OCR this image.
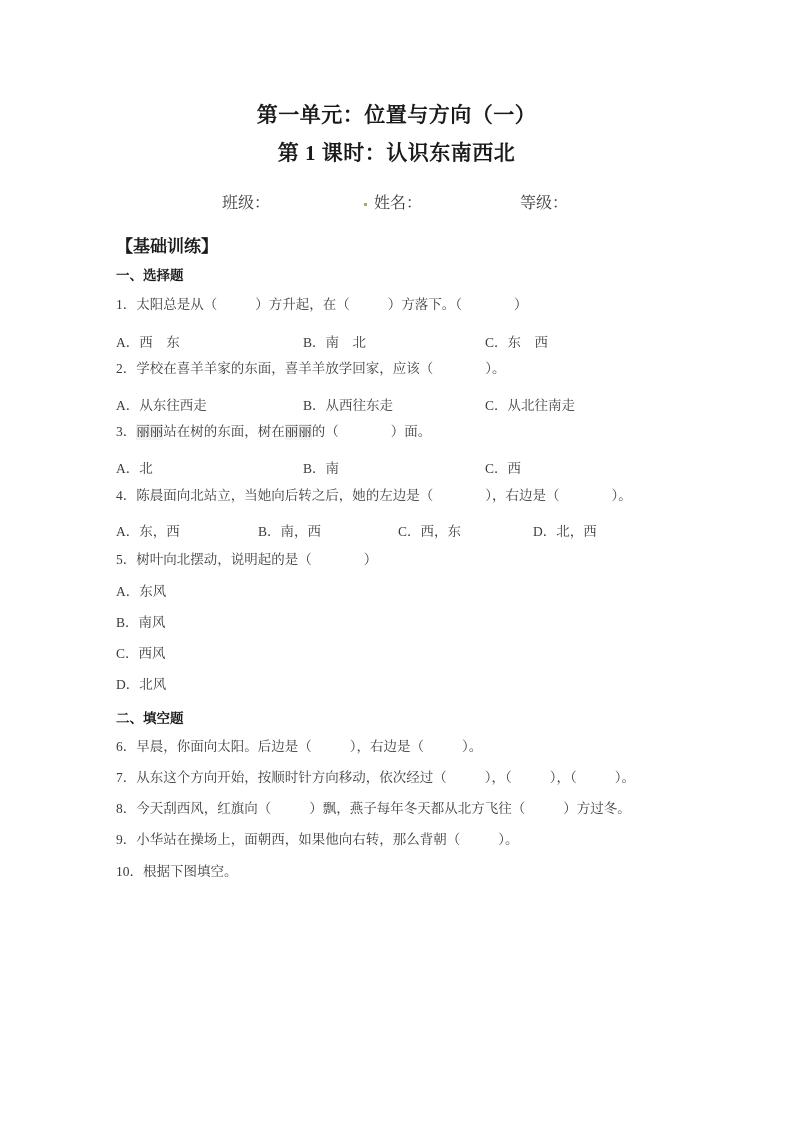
第一单元：位置与方向（一）
第 1 课时：认识东南西北
班级：	姓名：	等级：
【基础训练】
一、选择题
1．太阳总是从（	）方升起，在（	）方落下。（	）
A．西　东	B．南　北	C．东　西
2．学校在喜羊羊家的东面，喜羊羊放学回家，应该（	）。
A．从东往西走	B．从西往东走	C．从北往南走
3．丽丽站在树的东面，树在丽丽的（	）面。
A．北	B．南	C．西
4．陈晨面向北站立，当她向后转之后，她的左边是（	），右边是（	）。
A．东，西	B．南，西	C．西，东	D．北，西
5．树叶向北摆动，说明起的是（	）
A．东风
B．南风
C．西风
D．北风
二、填空题
6．早晨，你面向太阳。后边是（	），右边是（	）。
7．从东这个方向开始，按顺时针方向移动，依次经过（	），（	），（	）。
8．今天刮西风，红旗向（	）飘，燕子每年冬天都从北方飞往（	）方过冬。
9．小华站在操场上，面朝西，如果他向右转，那么背朝（	）。
10．根据下图填空。
